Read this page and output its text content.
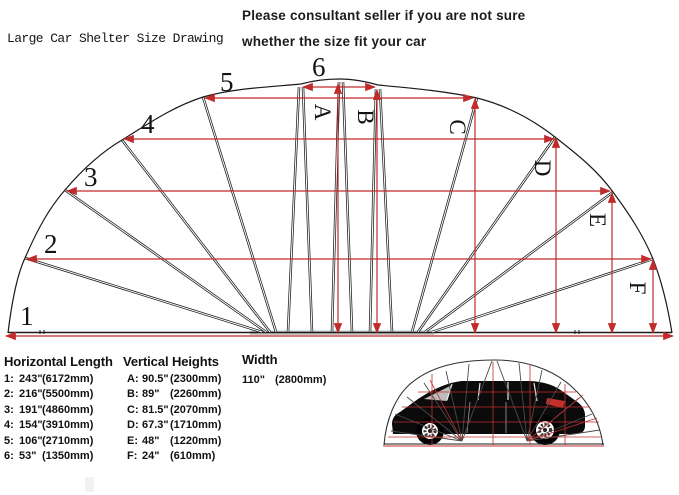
Large Car Shelter Size Drawing
Please consultant seller if you are not sure
whether the size fit your car
1
2
3
4
5	6
A B
C
D
E
F
Horizontal Length
1: 243" (6172mm)
2: 216" (5500mm)
3: 191" (4860mm)
4: 154" (3910mm)
5: 106" (2710mm)
6: 53" (1350mm)
Vertical Heights
A: 90.5" (2300mm)
B: 89" (2260mm)
C: 81.5" (2070mm)
D: 67.3" (1710mm)
E: 48" (1220mm)
F: 24" (610mm)
Width
110" (2800mm)
